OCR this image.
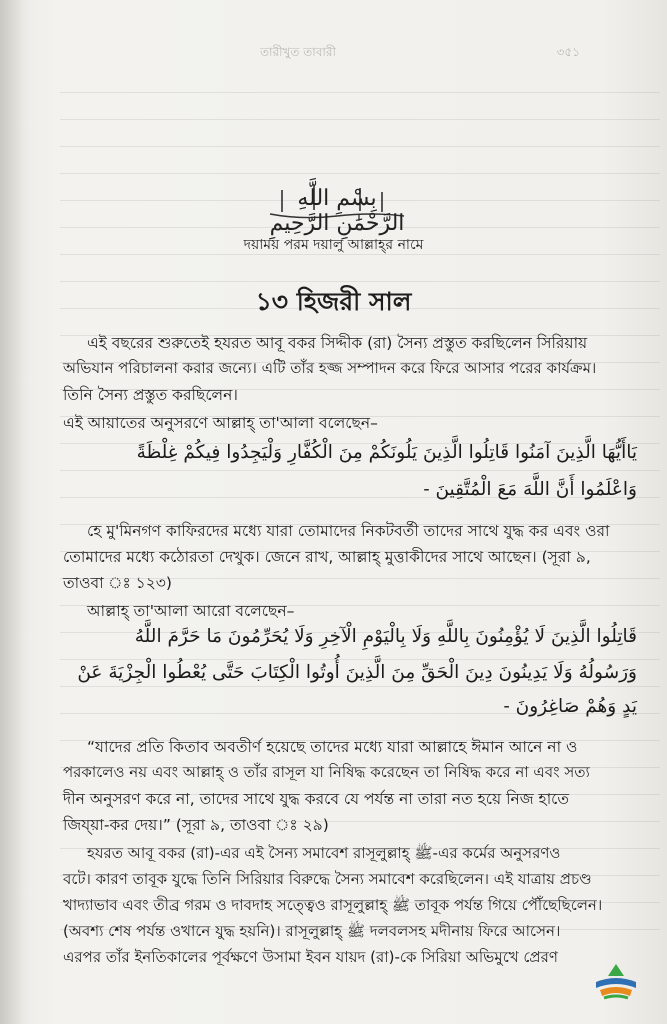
তারীখুত তাবারী	৩৫১
بِسْمِ اللَّهِ الرَّحْمَٰنِ الرَّحِيمِ
দয়াময় পরম দয়ালু আল্লাহ্‌র নামে
১৩ হিজরী সাল
এই বছরের শুরুতেই হযরত আবূ বকর সিদ্দীক (রা) সৈন্য প্রস্তুত করছিলেন সিরিয়ায়
অভিযান পরিচালনা করার জন্যে। এটি তাঁর হজ্জ সম্পাদন করে ফিরে আসার পরের কার্যক্রম।
তিনি সৈন্য প্রস্তুত করছিলেন।
এই আয়াতের অনুসরণে আল্লাহ্ তা'আলা বলেছেন–
يَاأَيُّهَا الَّذِينَ آمَنُوا قَاتِلُوا الَّذِينَ يَلُونَكُمْ مِنَ الْكُفَّارِ وَلْيَجِدُوا فِيكُمْ غِلْظَةً
وَاعْلَمُوا أَنَّ اللَّهَ مَعَ الْمُتَّقِينَ -
হে মু'মিনগণ কাফিরদের মধ্যে যারা তোমাদের নিকটবর্তী তাদের সাথে যুদ্ধ কর এবং ওরা
তোমাদের মধ্যে কঠোরতা দেখুক। জেনে রাখ, আল্লাহ্ মুত্তাকীদের সাথে আছেন। (সূরা ৯,
তাওবা ঃ ১২৩)
আল্লাহ্ তা'আলা আরো বলেছেন–
قَاتِلُوا الَّذِينَ لَا يُؤْمِنُونَ بِاللَّهِ وَلَا بِالْيَوْمِ الْآخِرِ وَلَا يُحَرِّمُونَ مَا حَرَّمَ اللَّهُ
وَرَسُولُهُ وَلَا يَدِينُونَ دِينَ الْحَقِّ مِنَ الَّذِينَ أُوتُوا الْكِتَابَ حَتَّى يُعْطُوا الْجِزْيَةَ عَنْ
يَدٍ وَهُمْ صَاغِرُونَ -
“যাদের প্রতি কিতাব অবতীর্ণ হয়েছে তাদের মধ্যে যারা আল্লাহে ঈমান আনে না ও
পরকালেও নয় এবং আল্লাহ্ ও তাঁর রাসূল যা নিষিদ্ধ করেছেন তা নিষিদ্ধ করে না এবং সত্য
দীন অনুসরণ করে না, তাদের সাথে যুদ্ধ করবে যে পর্যন্ত না তারা নত হয়ে নিজ হাতে
জিয্য়া-কর দেয়।” (সূরা ৯, তাওবা ঃ ২৯)
হযরত আবূ বকর (রা)-এর এই সৈন্য সমাবেশ রাসূলুল্লাহ্ ﷺ-এর কর্মের অনুসরণও
বটে। কারণ তাবূক যুদ্ধে তিনি সিরিয়ার বিরুদ্ধে সৈন্য সমাবেশ করেছিলেন। এই যাত্রায় প্রচণ্ড
খাদ্যাভাব এবং তীব্র গরম ও দাবদাহ সত্ত্বেও রাসূলুল্লাহ্ ﷺ তাবূক পর্যন্ত গিয়ে পৌঁছেছিলেন।
(অবশ্য শেষ পর্যন্ত ওখানে যুদ্ধ হয়নি)। রাসূলুল্লাহ্ ﷺ দলবলসহ মদীনায় ফিরে আসেন।
এরপর তাঁর ইনতিকালের পূর্বক্ষণে উসামা ইবন যায়দ (রা)-কে সিরিয়া অভিমুখে প্রেরণ
